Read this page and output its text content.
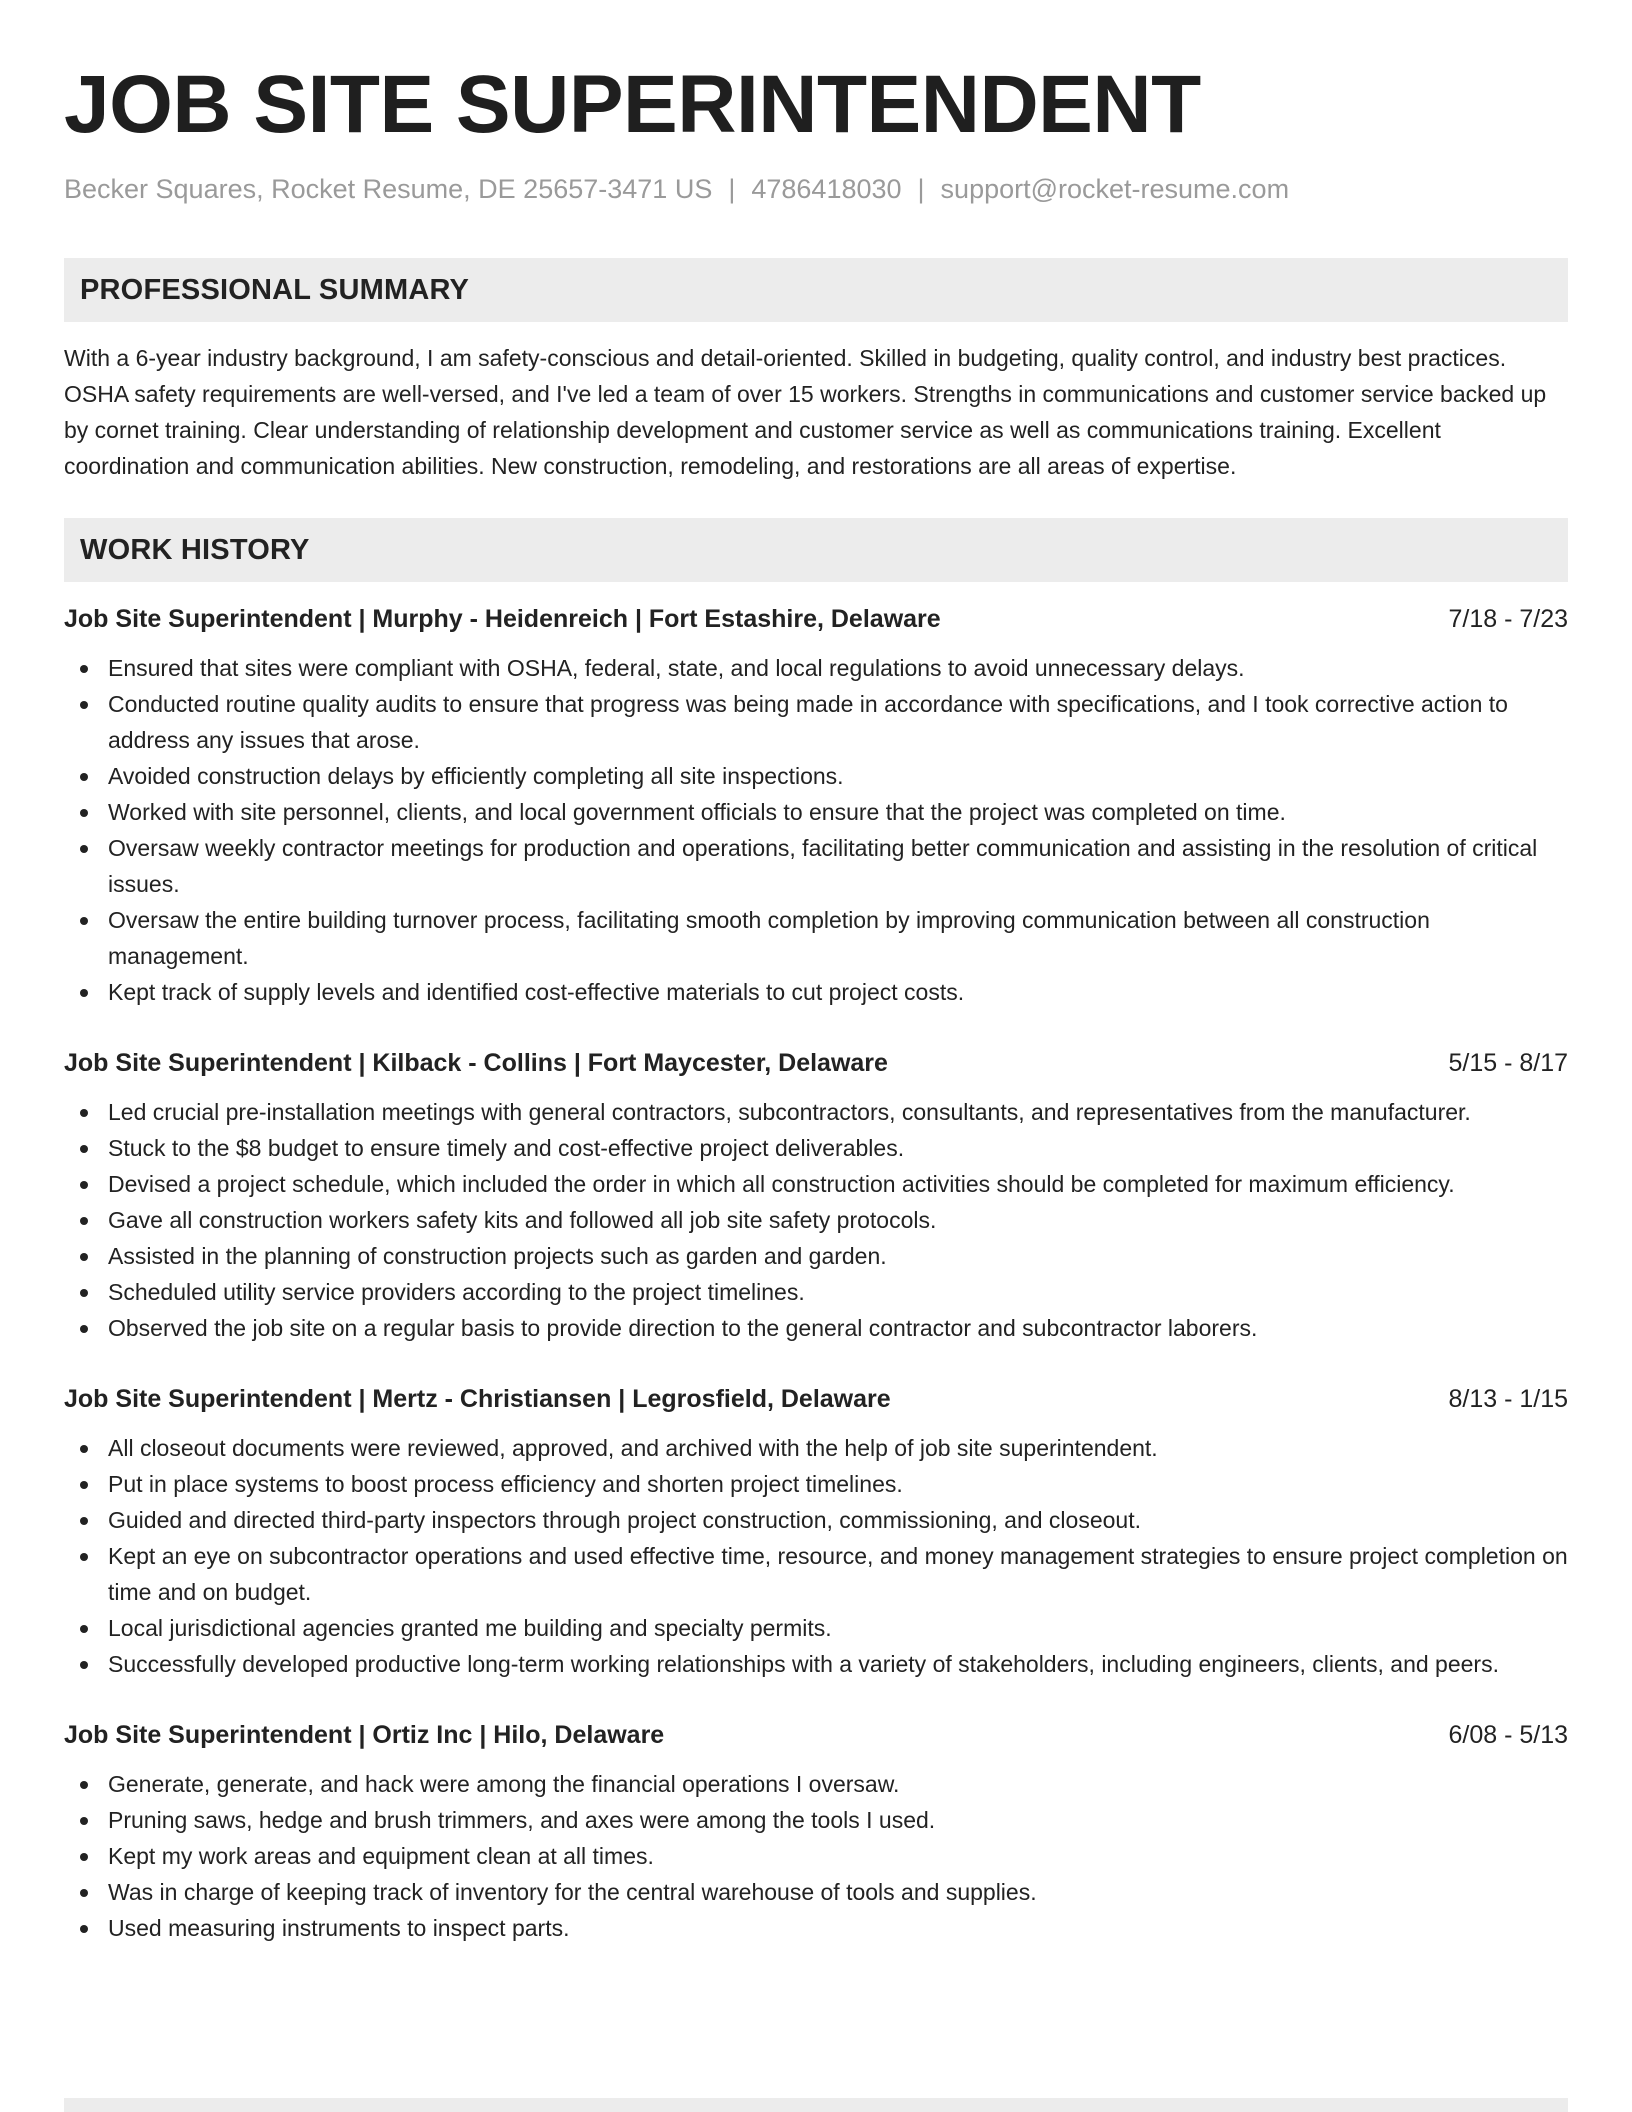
JOB SITE SUPERINTENDENT
Becker Squares, Rocket Resume, DE 25657-3471 US | 4786418030 | support@rocket-resume.com
PROFESSIONAL SUMMARY

With a 6-year industry background, I am safety-conscious and detail-oriented. Skilled in budgeting, quality control, and industry best practices. OSHA safety requirements are well-versed, and I've led a team of over 15 workers. Strengths in communications and customer service backed up by cornet training. Clear understanding of relationship development and customer service as well as communications training. Excellent coordination and communication abilities. New construction, remodeling, and restorations are all areas of expertise.

WORK HISTORY
Job Site Superintendent | Murphy - Heidenreich | Fort Estashire, Delaware	7/18 - 7/23
Ensured that sites were compliant with OSHA, federal, state, and local regulations to avoid unnecessary delays.
Conducted routine quality audits to ensure that progress was being made in accordance with specifications, and I took corrective action to address any issues that arose.
Avoided construction delays by efficiently completing all site inspections.
Worked with site personnel, clients, and local government officials to ensure that the project was completed on time.
Oversaw weekly contractor meetings for production and operations, facilitating better communication and assisting in the resolution of critical issues.
Oversaw the entire building turnover process, facilitating smooth completion by improving communication between all construction management.
Kept track of supply levels and identified cost-effective materials to cut project costs.
Job Site Superintendent | Kilback - Collins | Fort Maycester, Delaware	5/15 - 8/17
Led crucial pre-installation meetings with general contractors, subcontractors, consultants, and representatives from the manufacturer.
Stuck to the $8 budget to ensure timely and cost-effective project deliverables.
Devised a project schedule, which included the order in which all construction activities should be completed for maximum efficiency.
Gave all construction workers safety kits and followed all job site safety protocols.
Assisted in the planning of construction projects such as garden and garden.
Scheduled utility service providers according to the project timelines.
Observed the job site on a regular basis to provide direction to the general contractor and subcontractor laborers.
Job Site Superintendent | Mertz - Christiansen | Legrosfield, Delaware	8/13 - 1/15
All closeout documents were reviewed, approved, and archived with the help of job site superintendent.
Put in place systems to boost process efficiency and shorten project timelines.
Guided and directed third-party inspectors through project construction, commissioning, and closeout.
Kept an eye on subcontractor operations and used effective time, resource, and money management strategies to ensure project completion on time and on budget.
Local jurisdictional agencies granted me building and specialty permits.
Successfully developed productive long-term working relationships with a variety of stakeholders, including engineers, clients, and peers.
Job Site Superintendent | Ortiz Inc | Hilo, Delaware	6/08 - 5/13
Generate, generate, and hack were among the financial operations I oversaw.
Pruning saws, hedge and brush trimmers, and axes were among the tools I used.
Kept my work areas and equipment clean at all times.
Was in charge of keeping track of inventory for the central warehouse of tools and supplies.
Used measuring instruments to inspect parts.
